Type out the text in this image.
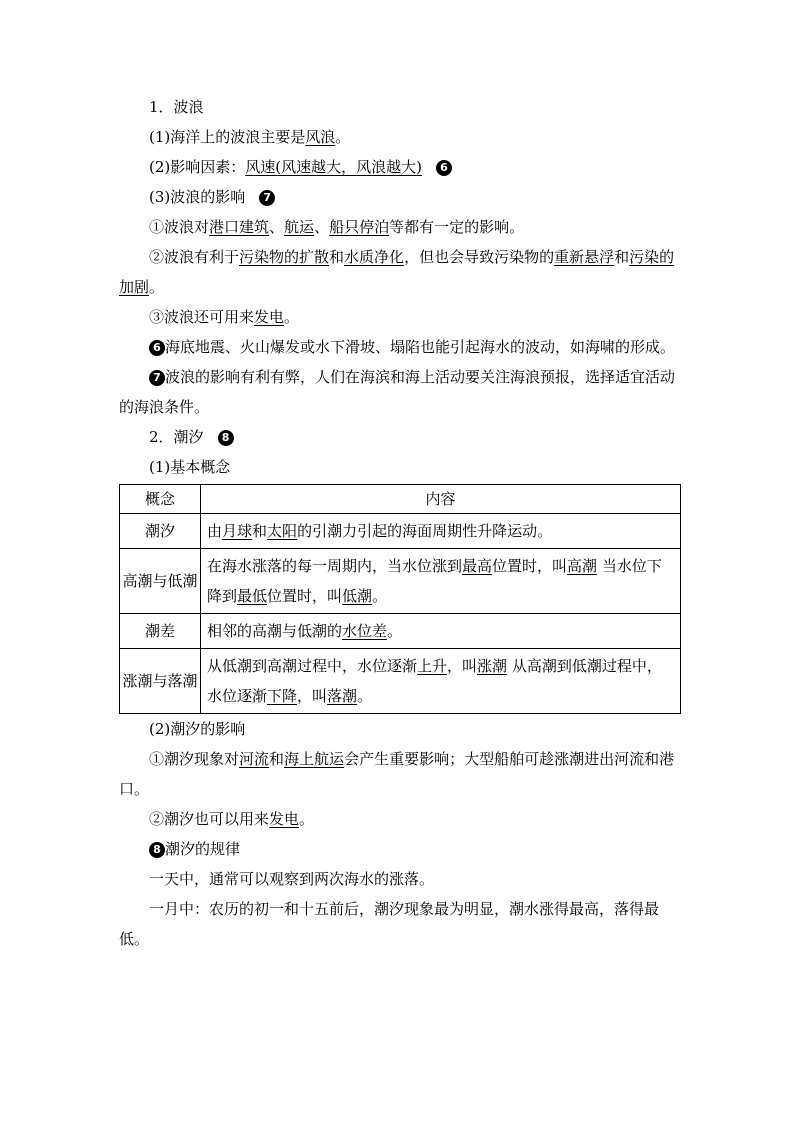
1．波浪

(1)海洋上的波浪主要是风浪。

(2)影响因素：风速(风速越大，风浪越大) 6

(3)波浪的影响 7

①波浪对港口建筑、航运、船只停泊等都有一定的影响。

②波浪有利于污染物的扩散和水质净化，但也会导致污染物的重新悬浮和污染的加剧。

③波浪还可用来发电。

6 海底地震、火山爆发或水下滑坡、塌陷也能引起海水的波动，如海啸的形成。

7 波浪的影响有利有弊，人们在海滨和海上活动要关注海浪预报，选择适宜活动的海浪条件。

2．潮汐 8

(1)基本概念

概念	内容
潮汐	由月球和太阳的引潮力引起的海面周期性升降运动。
高潮与低潮	在海水涨落的每一周期内，当水位涨到最高位置时，叫高潮 当水位下降到最低位置时，叫低潮。
潮差	相邻的高潮与低潮的水位差。
涨潮与落潮	从低潮到高潮过程中，水位逐渐上升，叫涨潮 从高潮到低潮过程中，水位逐渐下降，叫落潮。

(2)潮汐的影响

①潮汐现象对河流和海上航运会产生重要影响；大型船舶可趁涨潮进出河流和港口。

②潮汐也可以用来发电。

8 潮汐的规律

一天中，通常可以观察到两次海水的涨落。

一月中：农历的初一和十五前后，潮汐现象最为明显，潮水涨得最高，落得最低。
